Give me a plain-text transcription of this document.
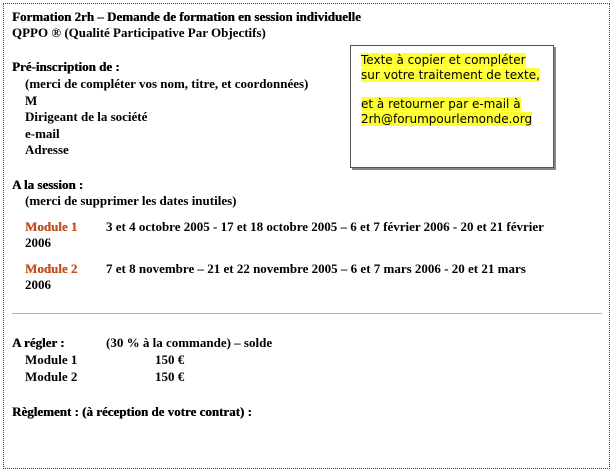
Formation 2rh – Demande de formation en session individuelle
QPPO ® (Qualité Participative Par Objectifs)
Pré-inscription de :
(merci de compléter vos nom, titre, et coordonnées)
M
Dirigeant de la société
e-mail
Adresse
Texte à copier et compléter
sur votre traitement de texte,
et à retourner par e-mail à
2rh@forumpourlemonde.org
A la session :
(merci de supprimer les dates inutiles)
Module 1 3 et 4 octobre 2005 - 17 et 18 octobre 2005 – 6 et 7 février 2006 - 20 et 21 février
2006
Module 2 7 et 8 novembre – 21 et 22 novembre 2005 – 6 et 7 mars 2006 - 20 et 21 mars
2006
A régler :	(30 % à la commande) – solde
Module 1	150 €
Module 2	150 €
Règlement : (à réception de votre contrat) :
